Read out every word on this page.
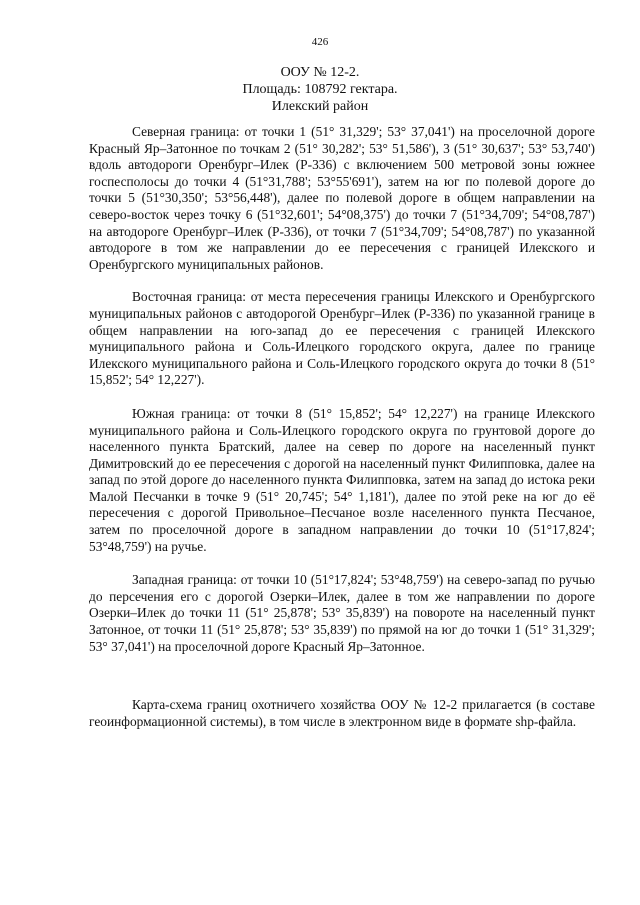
426
ООУ № 12-2.
Площадь: 108792 гектара.
Илекский район

Северная граница: от точки 1 (51° 31,329'; 53° 37,041') на проселочной дороге Красный Яр–Затонное по точкам 2 (51° 30,282'; 53° 51,586'), 3 (51° 30,637'; 53° 53,740') вдоль автодороги Оренбург–Илек (Р-336) с включением 500 метровой зоны южнее госпесполосы до точки 4 (51°31,788'; 53°55'691'), затем на юг по полевой дороге до точки 5 (51°30,350'; 53°56,448'), далее по полевой дороге в общем направлении на северо-восток через точку 6 (51°32,601'; 54°08,375') до точки 7 (51°34,709'; 54°08,787') на автодороге Оренбург–Илек (Р-336), от точки 7 (51°34,709'; 54°08,787') по указанной автодороге в том же направлении до ее пересечения с границей Илекского и Оренбургского муниципальных районов.

Восточная граница: от места пересечения границы Илекского и Оренбургского муниципальных районов с автодорогой Оренбург–Илек (Р-336) по указанной границе в общем направлении на юго-запад до ее пересечения с границей Илекского муниципального района и Соль-Илецкого городского округа, далее по границе Илекского муниципального района и Соль-Илецкого городского округа до точки 8 (51° 15,852'; 54° 12,227').

Южная граница: от точки 8 (51° 15,852'; 54° 12,227') на границе Илекского муниципального района и Соль-Илецкого городского округа по грунтовой дороге до населенного пункта Братский, далее на север по дороге на населенный пункт Димитровский до ее пересечения с дорогой на населенный пункт Филипповка, далее на запад по этой дороге до населенного пункта Филипповка, затем на запад до истока реки Малой Песчанки в точке 9 (51° 20,745'; 54° 1,181'), далее по этой реке на юг до её пересечения с дорогой Привольное–Песчаное возле населенного пункта Песчаное, затем по проселочной дороге в западном направлении до точки 10 (51°17,824'; 53°48,759') на ручье.

Западная граница: от точки 10 (51°17,824'; 53°48,759') на северо-запад по ручью до персечения его с дорогой Озерки–Илек, далее в том же направлении по дороге Озерки–Илек до точки 11 (51° 25,878'; 53° 35,839') на повороте на населенный пункт Затонное, от точки 11 (51° 25,878'; 53° 35,839') по прямой на юг до точки 1 (51° 31,329'; 53° 37,041') на проселочной дороге Красный Яр–Затонное.

Карта-схема границ охотничего хозяйства ООУ № 12-2 прилагается (в составе геоинформационной системы), в том числе в электронном виде в формате shp-файла.
